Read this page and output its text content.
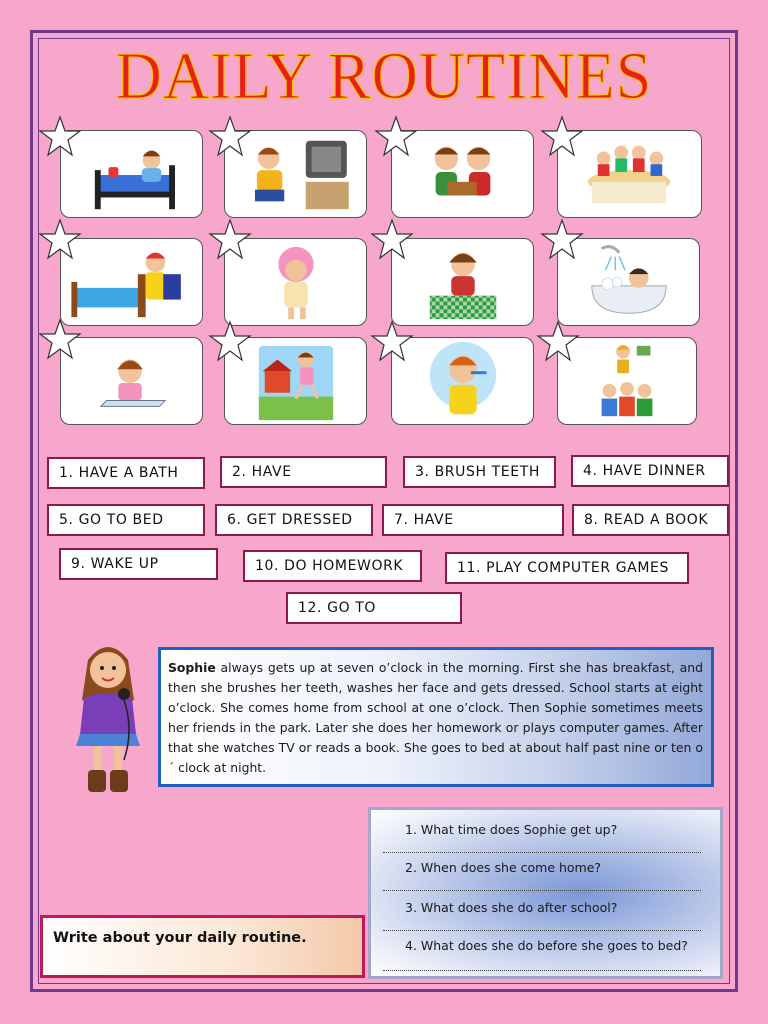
DAILY ROUTINES
1. HAVE A BATH	2. HAVE	3. BRUSH TEETH	4. HAVE DINNER
5. GO TO BED	6. GET DRESSED	7. HAVE	8. READ A BOOK
9. WAKE UP	10. DO HOMEWORK	11. PLAY COMPUTER GAMES
12. GO TO
Sophie always gets up at seven o’clock in the morning. First she has breakfast, and then she brushes her teeth, washes her face and gets dressed. School starts at eight o’clock. She comes home from school at one o’clock. Then Sophie sometimes meets her friends in the park. Later she does her homework or plays computer games. After that she watches TV or reads a book. She goes to bed at about half past nine or ten o´ clock at night.
1. What time does Sophie get up?
2. When does she come home?
3. What does she do after school?
4. What does she do before she goes to bed?
Write about your daily routine.
